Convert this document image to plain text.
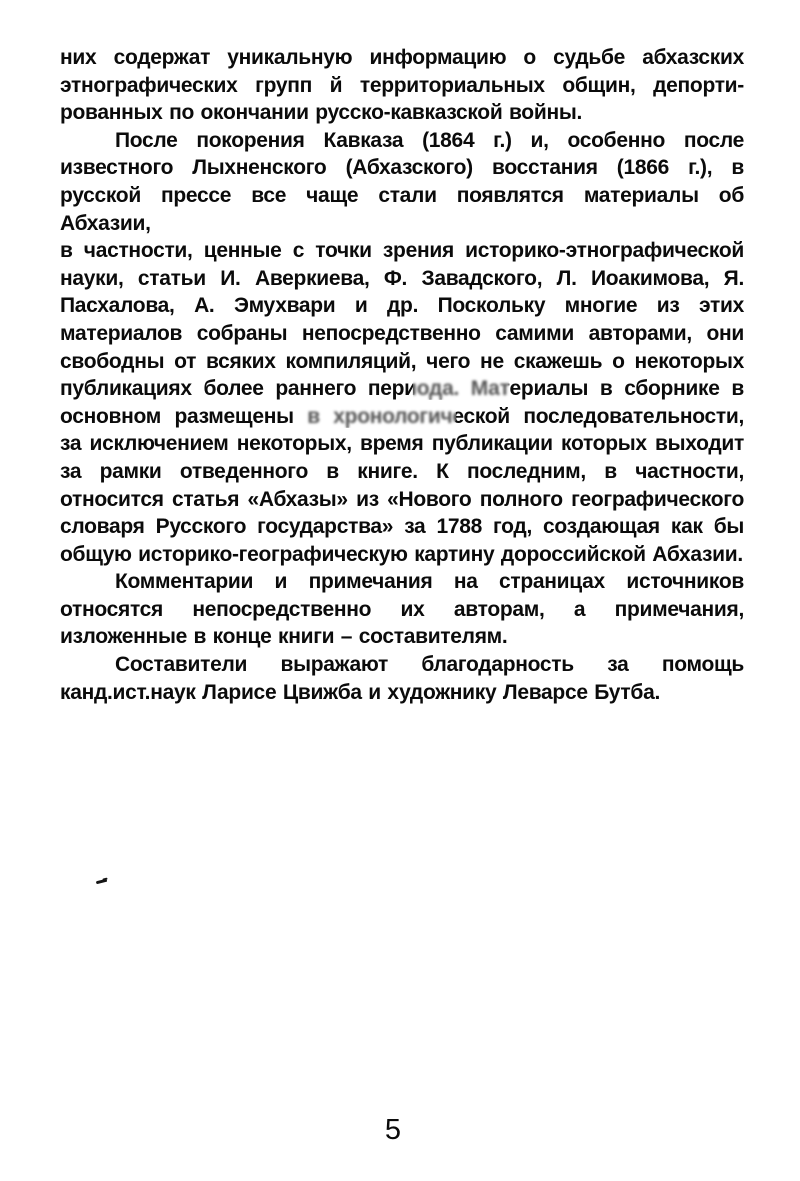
них содержат уникальную информацию о судьбе абхазских
этнографических групп й территориальных общин, депорти-
рованных по окончании русско-кавказской войны.
После покорения Кавказа (1864 г.) и, особенно после
известного Лыхненского (Абхазского) восстания (1866 г.), в
русской прессе все чаще стали появлятся материалы об Абхазии,
в частности, ценные с точки зрения историко-этнографической
науки, статьи И. Аверкиева, Ф. Завадского, Л. Иоакимова, Я.
Пасхалова, А. Эмухвари и др. Поскольку многие из этих
материалов собраны непосредственно самими авторами, они
свободны от всяких компиляций, чего не скажешь о некоторых
публикациях более раннего периода. Материалы в сборнике в
основном размещены в хронологической последовательности,
за исключением некоторых, время публикации которых выходит
за рамки отведенного в книге. К последним, в частности,
относится статья «Абхазы» из «Нового полного географического
словаря Русского государства» за 1788 год, создающая как бы
общую историко-географическую картину дороссийской Абхазии.
Комментарии и примечания на страницах источников
относятся непосредственно их авторам, а примечания,
изложенные в конце книги – составителям.
Составители выражают благодарность за помощь
канд.ист.наук Ларисе Цвижба и художнику Леварсе Бутба.
5
